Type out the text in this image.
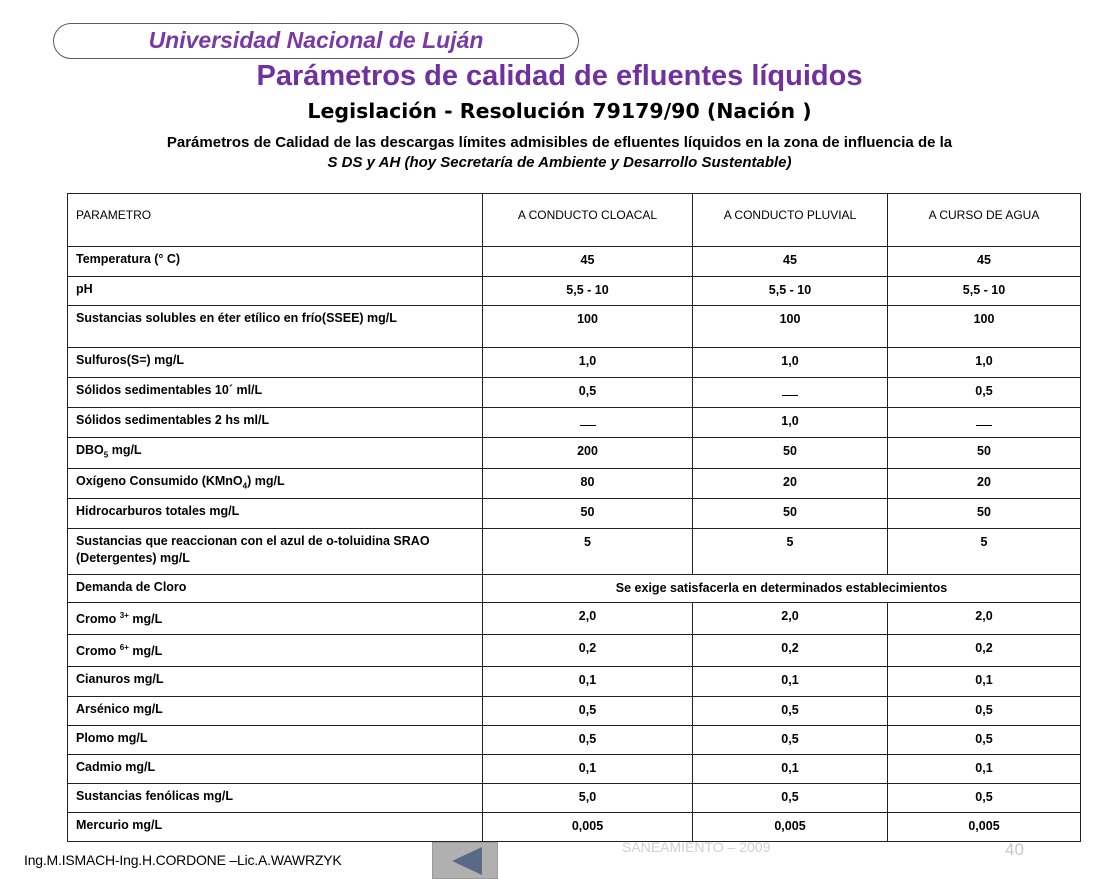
Universidad Nacional de Luján
Parámetros de calidad de efluentes líquidos
Legislación - Resolución 79179/90 (Nación )
Parámetros de Calidad de las descargas límites admisibles de efluentes líquidos en la zona de influencia de la
S DS y AH (hoy Secretaría de Ambiente y Desarrollo Sustentable)
PARAMETRO	A CONDUCTO CLOACAL	A CONDUCTO PLUVIAL	A CURSO DE AGUA
Temperatura (° C)	45	45	45
pH	5,5 - 10	5,5 - 10	5,5 - 10
Sustancias solubles en éter etílico en frío(SSEE) mg/L	100	100	100
Sulfuros(S=) mg/L	1,0	1,0	1,0
Sólidos sedimentables 10´ ml/L	0,5		0,5
Sólidos sedimentables 2 hs ml/L		1,0	
$DBO_5$ mg/L	200	50	50
Oxígeno Consumido (KMnO$_4$) mg/L	80	20	20
Hidrocarburos totales mg/L	50	50	50
Sustancias que reaccionan con el azul de o-toluidina SRAO (Detergentes) mg/L	5	5	5
Demanda de Cloro	Se exige satisfacerla en determinados establecimientos		
Cromo $^{3+}$ mg/L	2,0	2,0	2,0
Cromo $^{6+}$ mg/L	0,2	0,2	0,2
Cianuros mg/L	0,1	0,1	0,1
Arsénico mg/L	0,5	0,5	0,5
Plomo mg/L	0,5	0,5	0,5
Cadmio mg/L	0,1	0,1	0,1
Sustancias fenólicas mg/L	5,0	0,5	0,5
Mercurio mg/L	0,005	0,005	0,005
Ing.M.ISMACH-Ing.H.CORDONE –Lic.A.WAWRZYK
SANEAMIENTO – 2009	40
